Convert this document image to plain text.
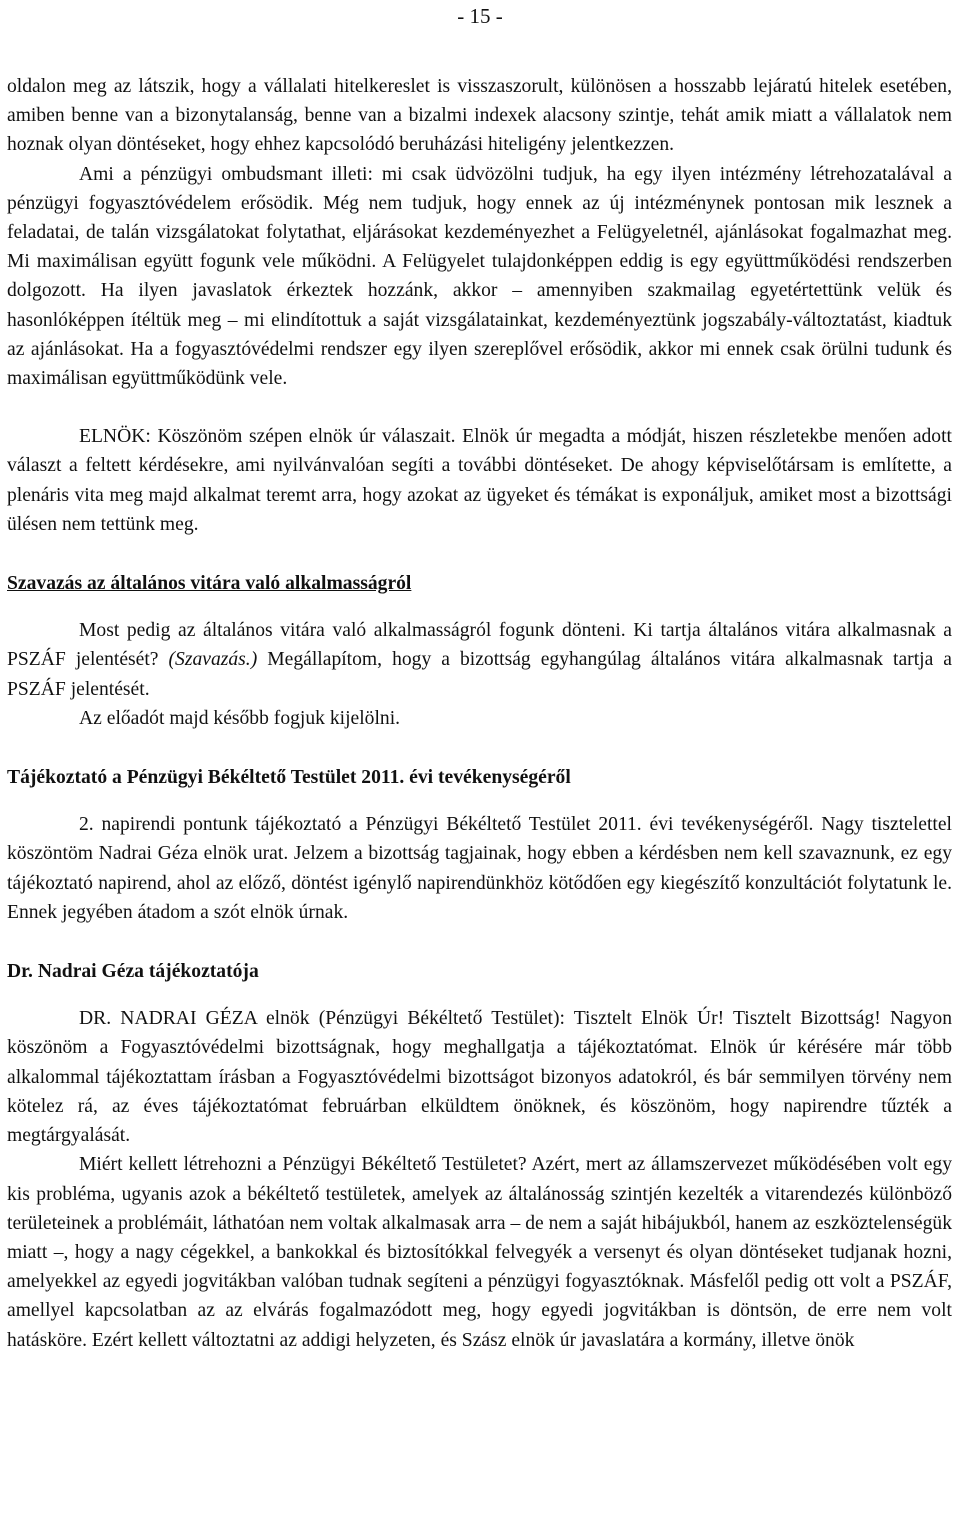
- 15 -

oldalon meg az látszik, hogy a vállalati hitelkereslet is visszaszorult, különösen a hosszabb lejáratú hitelek esetében, amiben benne van a bizonytalanság, benne van a bizalmi indexek alacsony szintje, tehát amik miatt a vállalatok nem hoznak olyan döntéseket, hogy ehhez kapcsolódó beruházási hiteligény jelentkezzen.

Ami a pénzügyi ombudsmant illeti: mi csak üdvözölni tudjuk, ha egy ilyen intézmény létrehozatalával a pénzügyi fogyasztóvédelem erősödik. Még nem tudjuk, hogy ennek az új intézménynek pontosan mik lesznek a feladatai, de talán vizsgálatokat folytathat, eljárásokat kezdeményezhet a Felügyeletnél, ajánlásokat fogalmazhat meg. Mi maximálisan együtt fogunk vele működni. A Felügyelet tulajdonképpen eddig is egy együttműködési rendszerben dolgozott. Ha ilyen javaslatok érkeztek hozzánk, akkor – amennyiben szakmailag egyetértettünk velük és hasonlóképpen ítéltük meg – mi elindítottuk a saját vizsgálatainkat, kezdeményeztünk jogszabály-változtatást, kiadtuk az ajánlásokat. Ha a fogyasztóvédelmi rendszer egy ilyen szereplővel erősödik, akkor mi ennek csak örülni tudunk és maximálisan együttműködünk vele.

ELNÖK: Köszönöm szépen elnök úr válaszait. Elnök úr megadta a módját, hiszen részletekbe menően adott választ a feltett kérdésekre, ami nyilvánvalóan segíti a további döntéseket. De ahogy képviselőtársam is említette, a plenáris vita meg majd alkalmat teremt arra, hogy azokat az ügyeket és témákat is exponáljuk, amiket most a bizottsági ülésen nem tettünk meg.

Szavazás az általános vitára való alkalmasságról

Most pedig az általános vitára való alkalmasságról fogunk dönteni. Ki tartja általános vitára alkalmasnak a PSZÁF jelentését? (Szavazás.) Megállapítom, hogy a bizottság egyhangúlag általános vitára alkalmasnak tartja a PSZÁF jelentését.

Az előadót majd később fogjuk kijelölni.

Tájékoztató a Pénzügyi Békéltető Testület 2011. évi tevékenységéről

2. napirendi pontunk tájékoztató a Pénzügyi Békéltető Testület 2011. évi tevékenységéről. Nagy tisztelettel köszöntöm Nadrai Géza elnök urat. Jelzem a bizottság tagjainak, hogy ebben a kérdésben nem kell szavaznunk, ez egy tájékoztató napirend, ahol az előző, döntést igénylő napirendünkhöz kötődően egy kiegészítő konzultációt folytatunk le. Ennek jegyében átadom a szót elnök úrnak.

Dr. Nadrai Géza tájékoztatója

DR. NADRAI GÉZA elnök (Pénzügyi Békéltető Testület): Tisztelt Elnök Úr! Tisztelt Bizottság! Nagyon köszönöm a Fogyasztóvédelmi bizottságnak, hogy meghallgatja a tájékoztatómat. Elnök úr kérésére már több alkalommal tájékoztattam írásban a Fogyasztóvédelmi bizottságot bizonyos adatokról, és bár semmilyen törvény nem kötelez rá, az éves tájékoztatómat februárban elküldtem önöknek, és köszönöm, hogy napirendre tűzték a megtárgyalását.

Miért kellett létrehozni a Pénzügyi Békéltető Testületet? Azért, mert az államszervezet működésében volt egy kis probléma, ugyanis azok a békéltető testületek, amelyek az általánosság szintjén kezelték a vitarendezés különböző területeinek a problémáit, láthatóan nem voltak alkalmasak arra – de nem a saját hibájukból, hanem az eszköztelenségük miatt –, hogy a nagy cégekkel, a bankokkal és biztosítókkal felvegyék a versenyt és olyan döntéseket tudjanak hozni, amelyekkel az egyedi jogvitákban valóban tudnak segíteni a pénzügyi fogyasztóknak. Másfelől pedig ott volt a PSZÁF, amellyel kapcsolatban az az elvárás fogalmazódott meg, hogy egyedi jogvitákban is döntsön, de erre nem volt hatásköre. Ezért kellett változtatni az addigi helyzeten, és Szász elnök úr javaslatára a kormány, illetve önök
